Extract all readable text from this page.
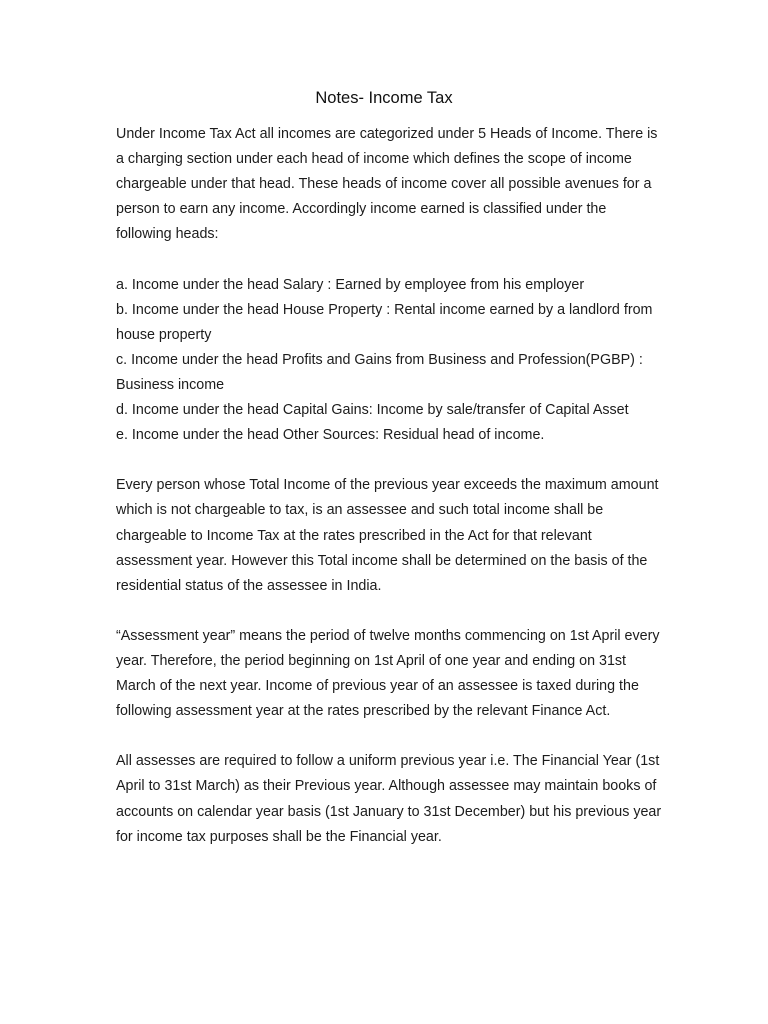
Notes- Income Tax

Under Income Tax Act all incomes are categorized under 5 Heads of Income. There is a charging section under each head of income which defines the scope of income chargeable under that head. These heads of income cover all possible avenues for a person to earn any income. Accordingly income earned is classified under the following heads:

a. Income under the head Salary : Earned by employee from his employer
b. Income under the head House Property : Rental income earned by a landlord from house property
c. Income under the head Profits and Gains from Business and Profession(PGBP) : Business income
d. Income under the head Capital Gains: Income by sale/transfer of Capital Asset
e. Income under the head Other Sources: Residual head of income.

Every person whose Total Income of the previous year exceeds the maximum amount which is not chargeable to tax, is an assessee and such total income shall be chargeable to Income Tax at the rates prescribed in the Act for that relevant assessment year. However this Total income shall be determined on the basis of the residential status of the assessee in India.

“Assessment year” means the period of twelve months commencing on 1st April every year. Therefore, the period beginning on 1st April of one year and ending on 31st March of the next year. Income of previous year of an assessee is taxed during the following assessment year at the rates prescribed by the relevant Finance Act.

All assesses are required to follow a uniform previous year i.e. The Financial Year (1st April to 31st March) as their Previous year. Although assessee may maintain books of accounts on calendar year basis (1st January to 31st December) but his previous year for income tax purposes shall be the Financial year.
